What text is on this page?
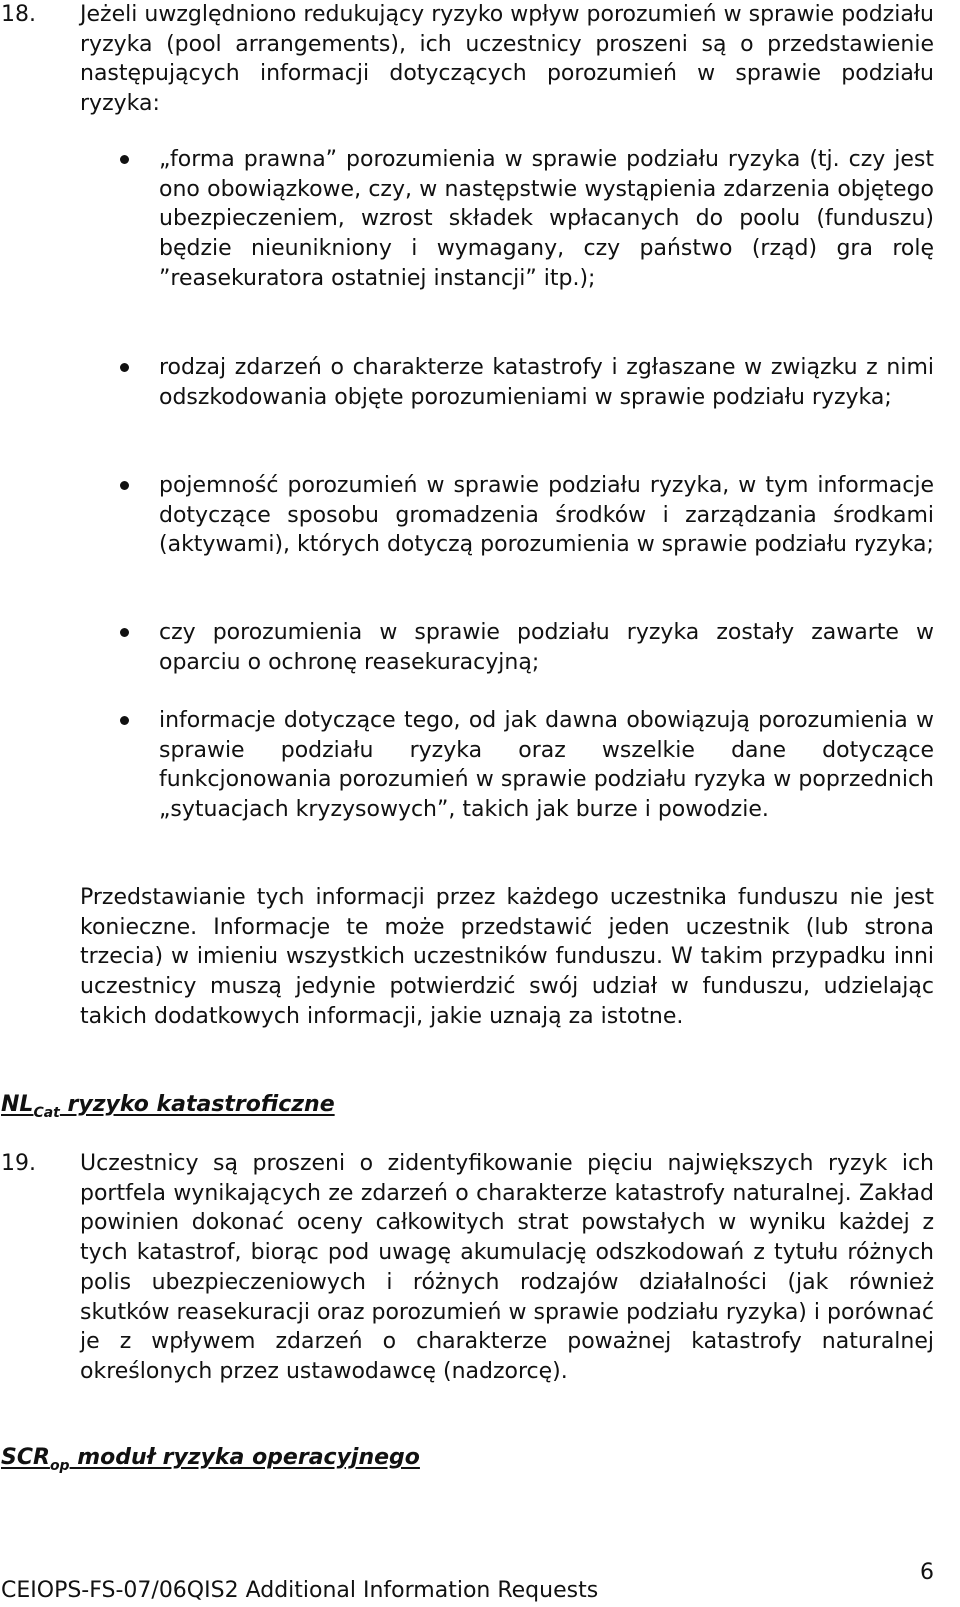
18. Jeżeli uwzględniono redukujący ryzyko wpływ porozumień w sprawie podziału ryzyka (pool arrangements), ich uczestnicy proszeni są o przedstawienie następujących informacji dotyczących porozumień w sprawie podziału ryzyka:

„forma prawna” porozumienia w sprawie podziału ryzyka (tj. czy jest ono obowiązkowe, czy, w następstwie wystąpienia zdarzenia objętego ubezpieczeniem, wzrost składek wpłacanych do poolu (funduszu) będzie nieunikniony i wymagany, czy państwo (rząd) gra rolę ”reasekuratora ostatniej instancji” itp.);

rodzaj zdarzeń o charakterze katastrofy i zgłaszane w związku z nimi odszkodowania objęte porozumieniami w sprawie podziału ryzyka;

pojemność porozumień w sprawie podziału ryzyka, w tym informacje dotyczące sposobu gromadzenia środków i zarządzania środkami (aktywami), których dotyczą porozumienia w sprawie podziału ryzyka;

czy porozumienia w sprawie podziału ryzyka zostały zawarte w oparciu o ochronę reasekuracyjną;

informacje dotyczące tego, od jak dawna obowiązują porozumienia w sprawie podziału ryzyka oraz wszelkie dane dotyczące funkcjonowania porozumień w sprawie podziału ryzyka w poprzednich „sytuacjach kryzysowych”, takich jak burze i powodzie.

Przedstawianie tych informacji przez każdego uczestnika funduszu nie jest konieczne. Informacje te może przedstawić jeden uczestnik (lub strona trzecia) w imieniu wszystkich uczestników funduszu. W takim przypadku inni uczestnicy muszą jedynie potwierdzić swój udział w funduszu, udzielając takich dodatkowych informacji, jakie uznają za istotne.

$NL_{Cat}$ ryzyko katastroficzne

19. Uczestnicy są proszeni o zidentyfikowanie pięciu największych ryzyk ich portfela wynikających ze zdarzeń o charakterze katastrofy naturalnej. Zakład powinien dokonać oceny całkowitych strat powstałych w wyniku każdej z tych katastrof, biorąc pod uwagę akumulację odszkodowań z tytułu różnych polis ubezpieczeniowych i różnych rodzajów działalności (jak również skutków reasekuracji oraz porozumień w sprawie podziału ryzyka) i porównać je z wpływem zdarzeń o charakterze poważnej katastrofy naturalnej określonych przez ustawodawcę (nadzorcę).

$SCR_{op}$ moduł ryzyka operacyjnego

6
CEIOPS-FS-07/06QIS2 Additional Information Requests
